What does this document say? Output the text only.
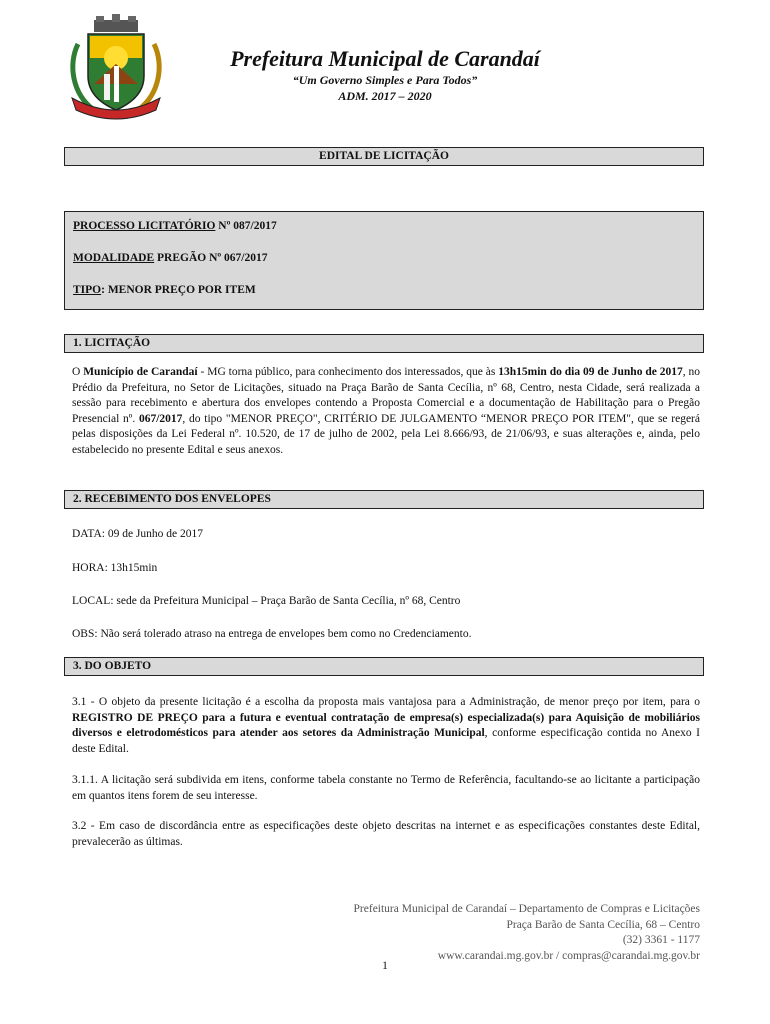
Prefeitura Municipal de Carandaí
“Um Governo Simples e Para Todos”
ADM. 2017 – 2020
EDITAL DE LICITAÇÃO

PROCESSO LICITATÓRIO Nº 087/2017

MODALIDADE PREGÃO Nº 067/2017

TIPO: MENOR PREÇO POR ITEM

1. LICITAÇÃO

O Município de Carandaí - MG torna público, para conhecimento dos interessados, que às 13h15min do dia 09 de Junho de 2017, no Prédio da Prefeitura, no Setor de Licitações, situado na Praça Barão de Santa Cecília, nº 68, Centro, nesta Cidade, será realizada a sessão para recebimento e abertura dos envelopes contendo a Proposta Comercial e a documentação de Habilitação para o Pregão Presencial nº. 067/2017, do tipo "MENOR PREÇO", CRITÉRIO DE JULGAMENTO “MENOR PREÇO POR ITEM", que se regerá pelas disposições da Lei Federal nº. 10.520, de 17 de julho de 2002, pela Lei 8.666/93, de 21/06/93, e suas alterações e, ainda, pelo estabelecido no presente Edital e seus anexos.

2. RECEBIMENTO DOS ENVELOPES
DATA: 09 de Junho de 2017
HORA: 13h15min
LOCAL: sede da Prefeitura Municipal – Praça Barão de Santa Cecília, nº 68, Centro
OBS: Não será tolerado atraso na entrega de envelopes bem como no Credenciamento.
3. DO OBJETO

3.1 - O objeto da presente licitação é a escolha da proposta mais vantajosa para a Administração, de menor preço por item, para o REGISTRO DE PREÇO para a futura e eventual contratação de empresa(s) especializada(s) para Aquisição de mobiliários diversos e eletrodomésticos para atender aos setores da Administração Municipal, conforme especificação contida no Anexo I deste Edital.

3.1.1. A licitação será subdivida em itens, conforme tabela constante no Termo de Referência, facultando-se ao licitante a participação em quantos itens forem de seu interesse.

3.2 - Em caso de discordância entre as especificações deste objeto descritas na internet e as especificações constantes deste Edital, prevalecerão as últimas.

Prefeitura Municipal de Carandaí – Departamento de Compras e Licitações
Praça Barão de Santa Cecília, 68 – Centro
(32) 3361 - 1177
www.carandai.mg.gov.br / compras@carandai.mg.gov.br
1
